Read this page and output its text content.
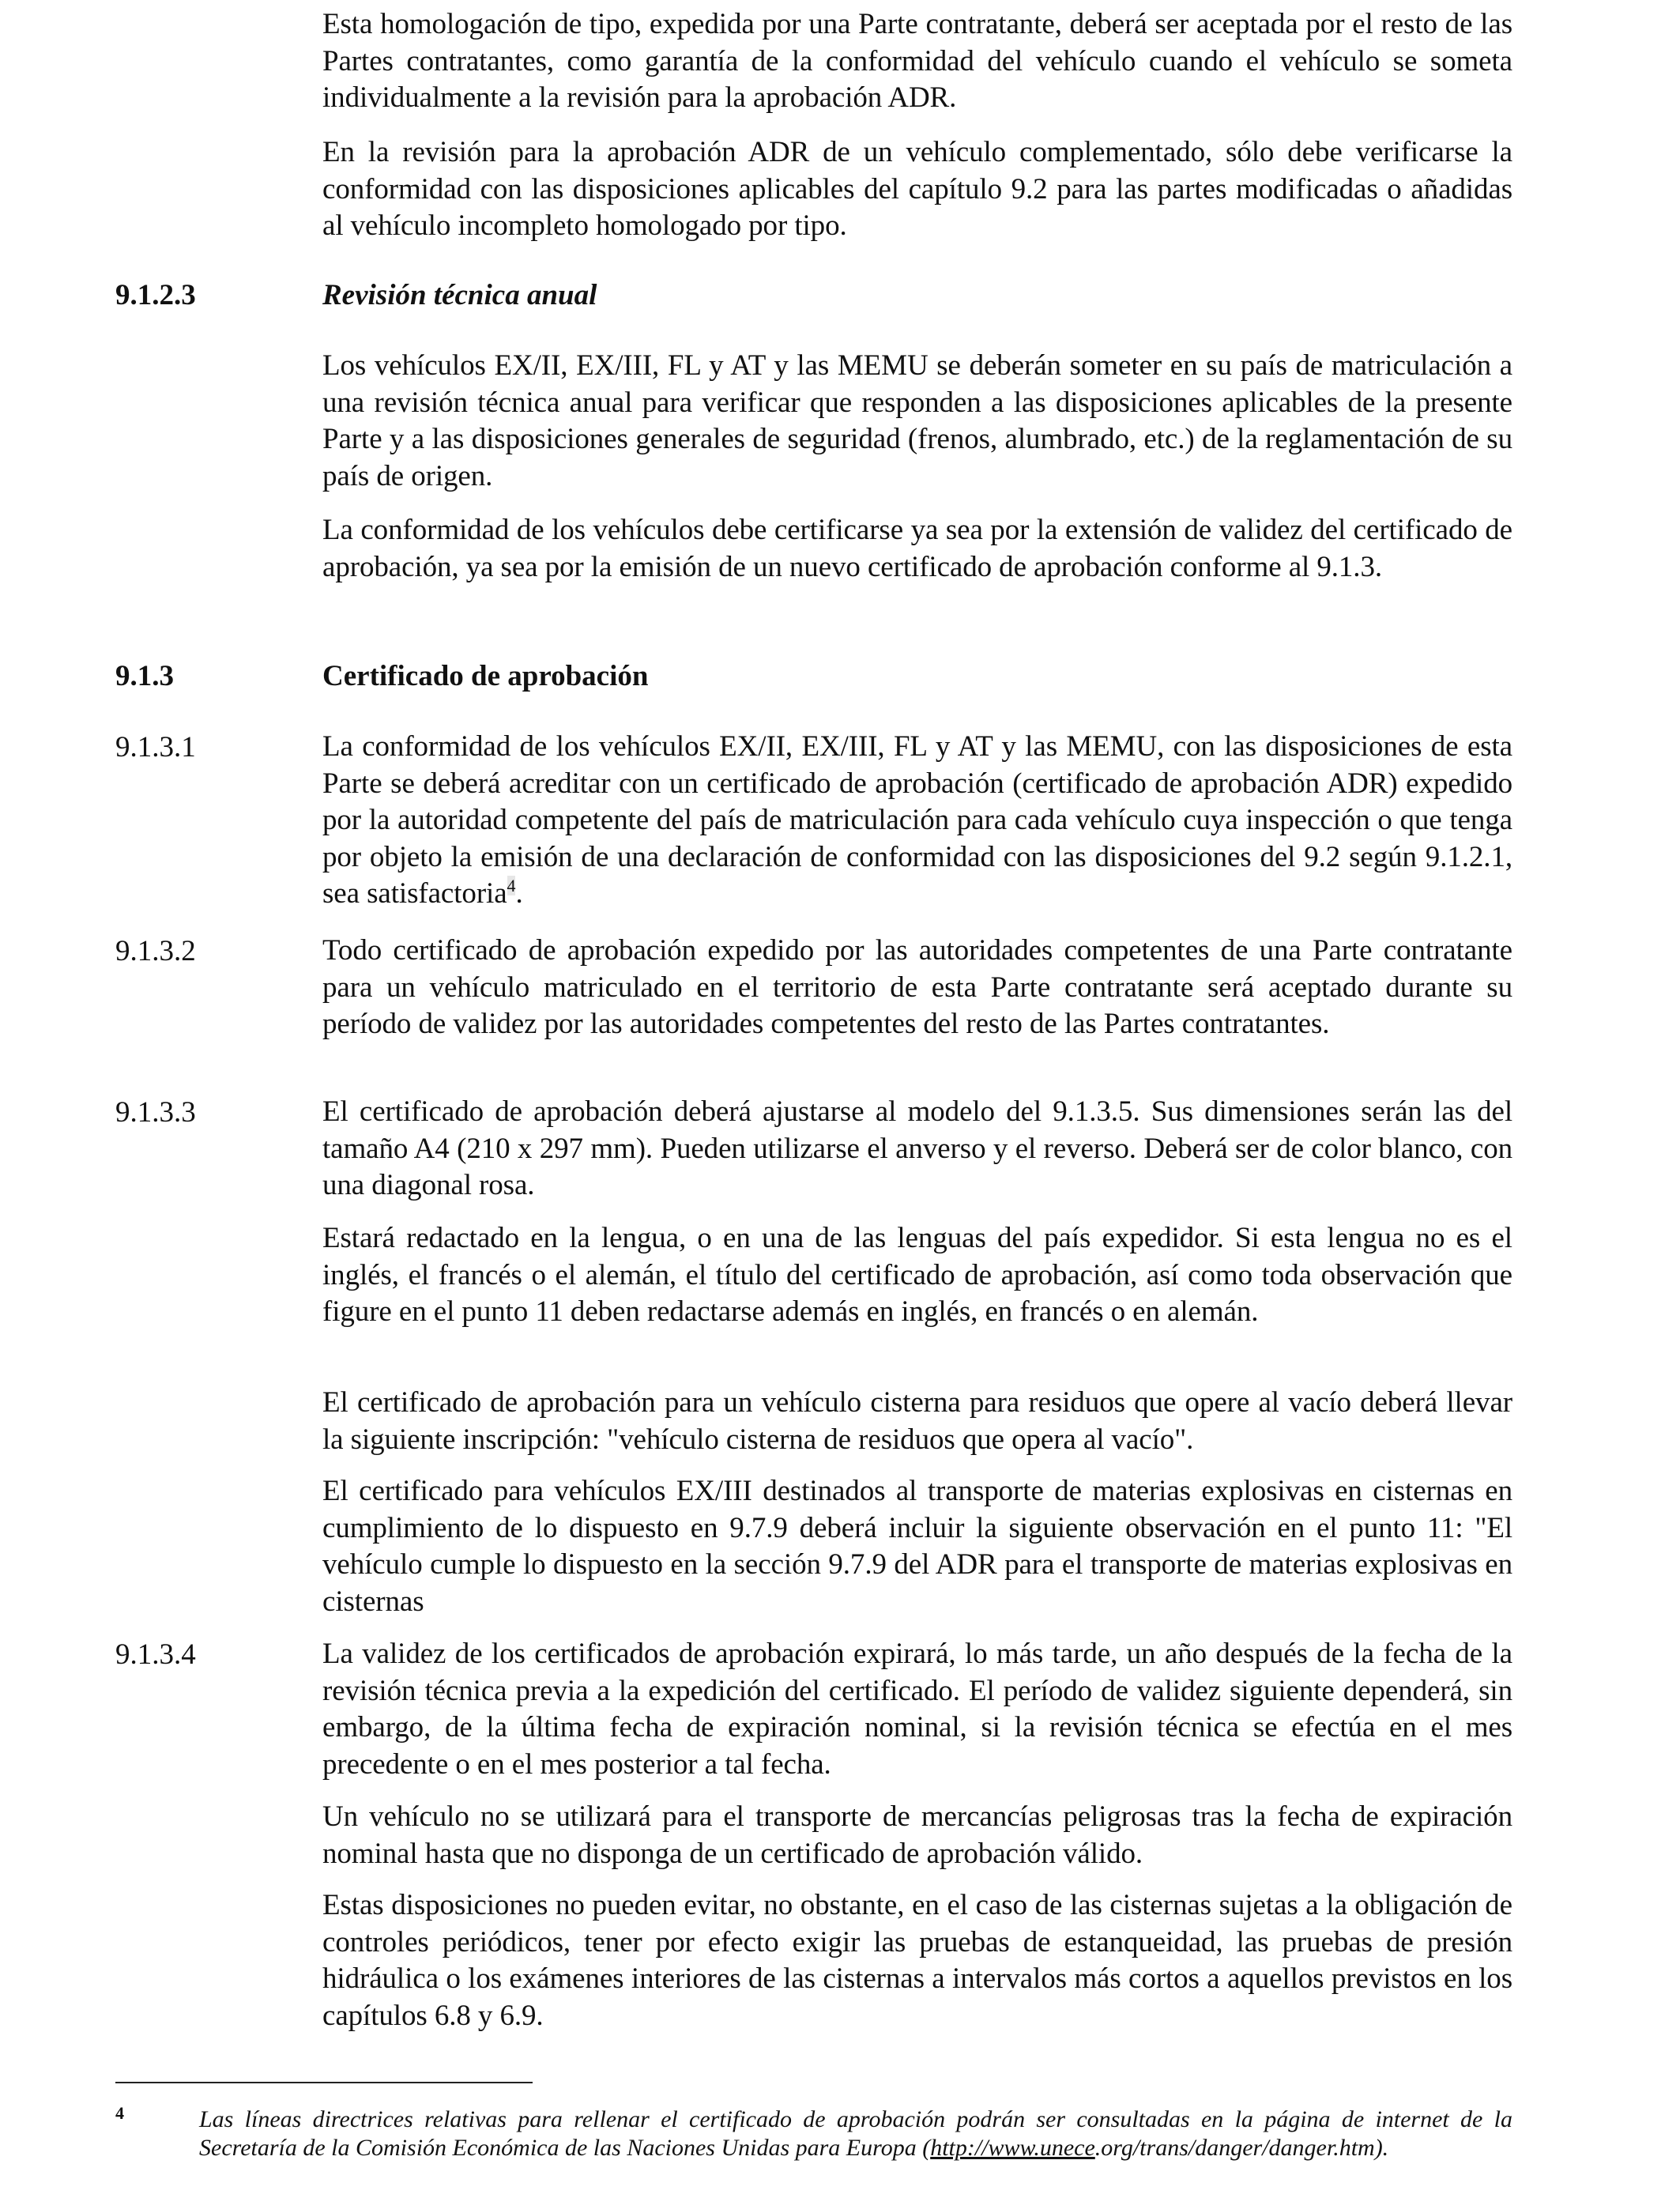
Esta homologación de tipo, expedida por una Parte contratante, deberá ser aceptada por el resto de las Partes contratantes, como garantía de la conformidad del vehículo cuando el vehículo se someta individualmente a la revisión para la aprobación ADR.

En la revisión para la aprobación ADR de un vehículo complementado, sólo debe verificarse la conformidad con las disposiciones aplicables del capítulo 9.2 para las partes modificadas o añadidas al vehículo incompleto homologado por tipo.

9.1.2.3	Revisión técnica anual

Los vehículos EX/II, EX/III, FL y AT y las MEMU se deberán someter en su país de matriculación a una revisión técnica anual para verificar que responden a las disposiciones aplicables de la presente Parte y a las disposiciones generales de seguridad (frenos, alumbrado, etc.) de la reglamentación de su país de origen.

La conformidad de los vehículos debe certificarse ya sea por la extensión de validez del certificado de aprobación, ya sea por la emisión de un nuevo certificado de aprobación conforme al 9.1.3.

9.1.3	Certificado de aprobación
9.1.3.1	La conformidad de los vehículos EX/II, EX/III, FL y AT y las MEMU, con las disposiciones de esta Parte se deberá acreditar con un certificado de aprobación (certificado de aprobación ADR) expedido por la autoridad competente del país de matriculación para cada vehículo cuya inspección o que tenga por objeto la emisión de una declaración de conformidad con las disposiciones del 9.2 según 9.1.2.1, sea satisfactoria$^4$.

9.1.3.2	Todo certificado de aprobación expedido por las autoridades competentes de una Parte contratante para un vehículo matriculado en el territorio de esta Parte contratante será aceptado durante su período de validez por las autoridades competentes del resto de las Partes contratantes.

9.1.3.3	El certificado de aprobación deberá ajustarse al modelo del 9.1.3.5. Sus dimensiones serán las del tamaño A4 (210 x 297 mm). Pueden utilizarse el anverso y el reverso. Deberá ser de color blanco, con una diagonal rosa.

Estará redactado en la lengua, o en una de las lenguas del país expedidor. Si esta lengua no es el inglés, el francés o el alemán, el título del certificado de aprobación, así como toda observación que figure en el punto 11 deben redactarse además en inglés, en francés o en alemán.

El certificado de aprobación para un vehículo cisterna para residuos que opere al vacío deberá llevar la siguiente inscripción: "vehículo cisterna de residuos que opera al vacío".

El certificado para vehículos EX/III destinados al transporte de materias explosivas en cisternas en cumplimiento de lo dispuesto en 9.7.9 deberá incluir la siguiente observación en el punto 11: "El vehículo cumple lo dispuesto en la sección 9.7.9 del ADR para el transporte de materias explosivas en cisternas

9.1.3.4	La validez de los certificados de aprobación expirará, lo más tarde, un año después de la fecha de la revisión técnica previa a la expedición del certificado. El período de validez siguiente dependerá, sin embargo, de la última fecha de expiración nominal, si la revisión técnica se efectúa en el mes precedente o en el mes posterior a tal fecha.

Un vehículo no se utilizará para el transporte de mercancías peligrosas tras la fecha de expiración nominal hasta que no disponga de un certificado de aprobación válido.

Estas disposiciones no pueden evitar, no obstante, en el caso de las cisternas sujetas a la obligación de controles periódicos, tener por efecto exigir las pruebas de estanqueidad, las pruebas de presión hidráulica o los exámenes interiores de las cisternas a intervalos más cortos a aquellos previstos en los capítulos 6.8 y 6.9.

4	Las líneas directrices relativas para rellenar el certificado de aprobación podrán ser consultadas en la página de internet de la Secretaría de la Comisión Económica de las Naciones Unidas para Europa (http://www.unece.org/trans/danger/danger.htm).
